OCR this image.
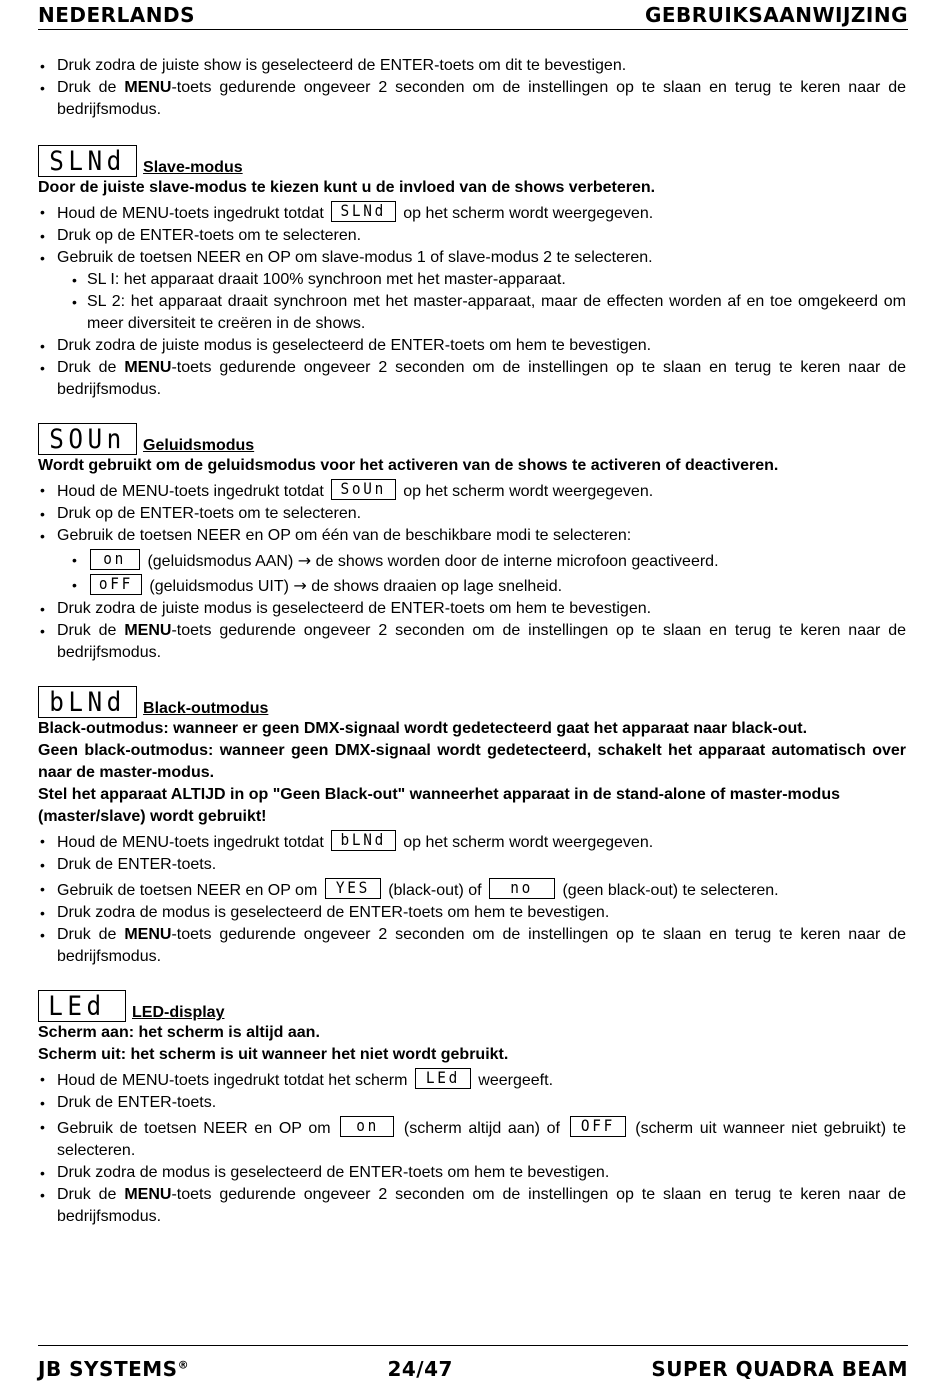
NEDERLANDS	GEBRUIKSAANWIJZING
• Druk zodra de juiste show is geselecteerd de ENTER-toets om dit te bevestigen.
• Druk de MENU-toets gedurende ongeveer 2 seconden om de instellingen op te slaan en terug te keren naar de bedrijfsmodus.
SLNd	Slave-modus
Door de juiste slave-modus te kiezen kunt u de invloed van de shows verbeteren.
• Houd de MENU-toets ingedrukt totdat SLNd op het scherm wordt weergegeven.
• Druk op de ENTER-toets om te selecteren.
• Gebruik de toetsen NEER en OP om slave-modus 1 of slave-modus 2 te selecteren.
• SL I: het apparaat draait 100% synchroon met het master-apparaat.
• SL 2: het apparaat draait synchroon met het master-apparaat, maar de effecten worden af en toe omgekeerd om meer diversiteit te creëren in de shows.
• Druk zodra de juiste modus is geselecteerd de ENTER-toets om hem te bevestigen.
• Druk de MENU-toets gedurende ongeveer 2 seconden om de instellingen op te slaan en terug te keren naar de bedrijfsmodus.
SOUn	Geluidsmodus
Wordt gebruikt om de geluidsmodus voor het activeren van de shows te activeren of deactiveren.
• Houd de MENU-toets ingedrukt totdat SoUn op het scherm wordt weergegeven.
• Druk op de ENTER-toets om te selecteren.
• Gebruik de toetsen NEER en OP om één van de beschikbare modi te selecteren:
• on (geluidsmodus AAN) → de shows worden door de interne microfoon geactiveerd.
• oFF (geluidsmodus UIT) → de shows draaien op lage snelheid.
• Druk zodra de juiste modus is geselecteerd de ENTER-toets om hem te bevestigen.
• Druk de MENU-toets gedurende ongeveer 2 seconden om de instellingen op te slaan en terug te keren naar de bedrijfsmodus.
bLNd	Black-outmodus
Black-outmodus: wanneer er geen DMX-signaal wordt gedetecteerd gaat het apparaat naar black-out.
Geen black-outmodus: wanneer geen DMX-signaal wordt gedetecteerd, schakelt het apparaat automatisch over naar de master-modus.
Stel het apparaat ALTIJD in op "Geen Black-out" wanneerhet apparaat in de stand-alone of master-modus (master/slave) wordt gebruikt!
• Houd de MENU-toets ingedrukt totdat bLNd op het scherm wordt weergegeven.
• Druk de ENTER-toets.
• Gebruik de toetsen NEER en OP om YES (black-out) of no (geen black-out) te selecteren.
• Druk zodra de modus is geselecteerd de ENTER-toets om hem te bevestigen.
• Druk de MENU-toets gedurende ongeveer 2 seconden om de instellingen op te slaan en terug te keren naar de bedrijfsmodus.
LEd	LED-display
Scherm aan: het scherm is altijd aan.
Scherm uit: het scherm is uit wanneer het niet wordt gebruikt.
• Houd de MENU-toets ingedrukt totdat het scherm LEd weergeeft.
• Druk de ENTER-toets.
• Gebruik de toetsen NEER en OP om on (scherm altijd aan) of OFF (scherm uit wanneer niet gebruikt) te selecteren.
• Druk zodra de modus is geselecteerd de ENTER-toets om hem te bevestigen.
• Druk de MENU-toets gedurende ongeveer 2 seconden om de instellingen op te slaan en terug te keren naar de bedrijfsmodus.
JB SYSTEMS®	24/47	SUPER QUADRA BEAM
